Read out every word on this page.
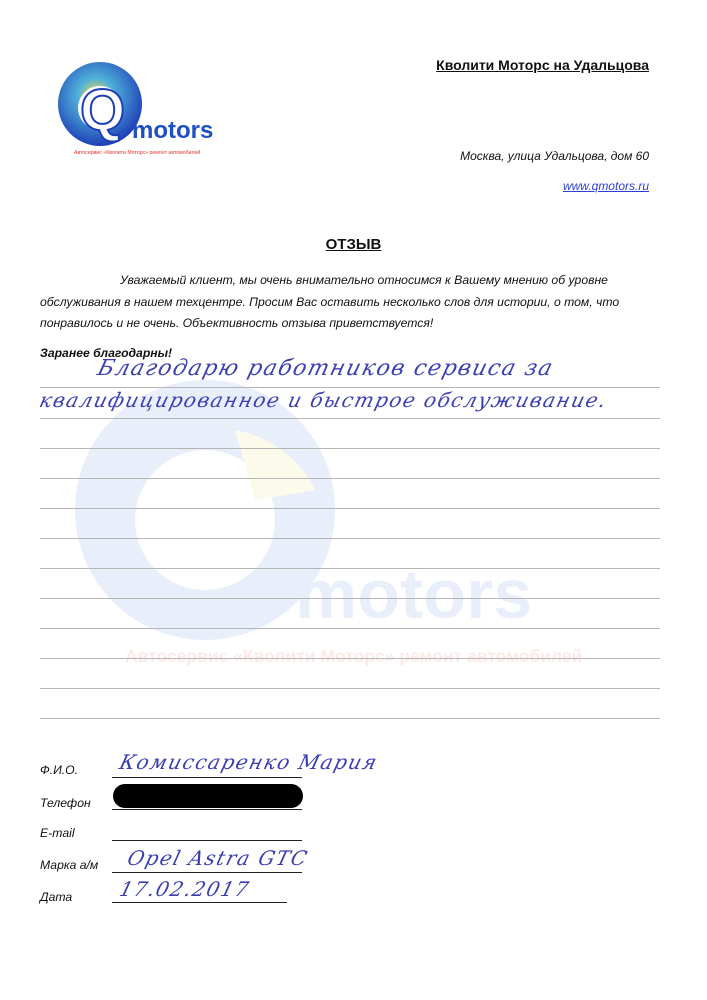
Q motors
Автосервис «Кволити Моторс» ремонт автомобилей
Кволити Моторс на Удальцова
Москва, улица Удальцова, дом 60
www.qmotors.ru
ОТЗЫВ
Уважаемый клиент, мы очень внимательно относимся к Вашему мнению об уровне обслуживания в нашем техцентре. Просим Вас оставить несколько слов для истории, о том, что понравилось и не очень. Объективность отзыва приветствуется!
Заранее благодарны!
motors
Автосервис «Кволити Моторс» ремонт автомобилей
Благодарю работников сервиса за
квалифицированное и быстрое обслуживание.
Ф.И.О. Комиссаренко Мария
Телефон
E-mail
Марка а/м Opel Astra GTC
Дата 17.02.2017
